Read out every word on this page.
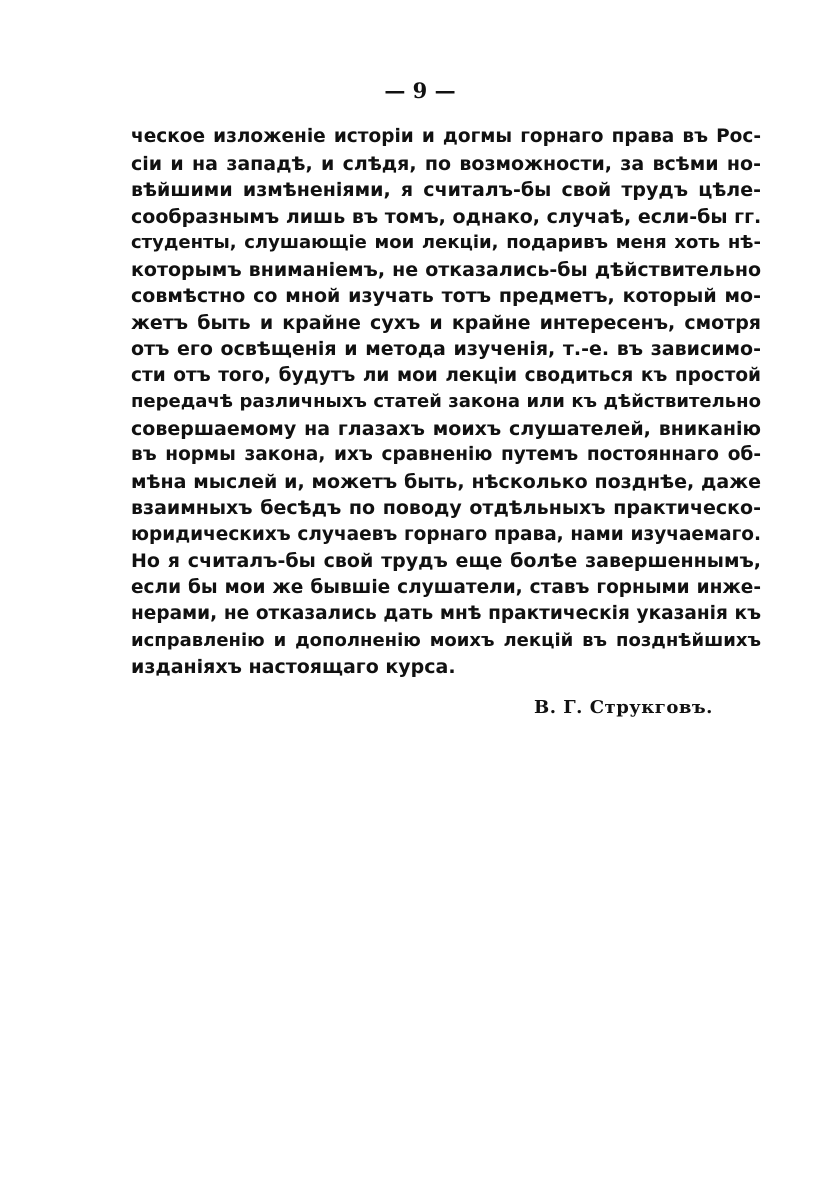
— 9 —
ческое изложеніе исторіи и догмы горнаго права въ Рос-
сіи и на западѣ, и слѣдя, по возможности, за всѣми но-
вѣйшими измѣненіями, я считалъ-бы свой трудъ цѣле-
сообразнымъ лишь въ томъ, однако, случаѣ, если-бы гг.
студенты, слушающіе мои лекціи, подаривъ меня хоть нѣ-
которымъ вниманіемъ, не отказались-бы дѣйствительно
совмѣстно со мной изучать тотъ предметъ, который мо-
жетъ быть и крайне сухъ и крайне интересенъ, смотря
отъ его освѣщенія и метода изученія, т.-е. въ зависимо-
сти отъ того, будутъ ли мои лекціи сводиться къ простой
передачѣ различныхъ статей закона или къ дѣйствительно
совершаемому на глазахъ моихъ слушателей, вниканію
въ нормы закона, ихъ сравненію путемъ постояннаго об-
мѣна мыслей и, можетъ быть, нѣсколько позднѣе, даже
взаимныхъ бесѣдъ по поводу отдѣльныхъ практическо-
юридическихъ случаевъ горнаго права, нами изучаемаго.
Но я считалъ-бы свой трудъ еще болѣе завершеннымъ,
если бы мои же бывшіе слушатели, ставъ горными инже-
нерами, не отказались дать мнѣ практическія указанія къ
исправленію и дополненію моихъ лекцій въ позднѣйшихъ
изданіяхъ настоящаго курса.
В. Г. Струкговъ.
